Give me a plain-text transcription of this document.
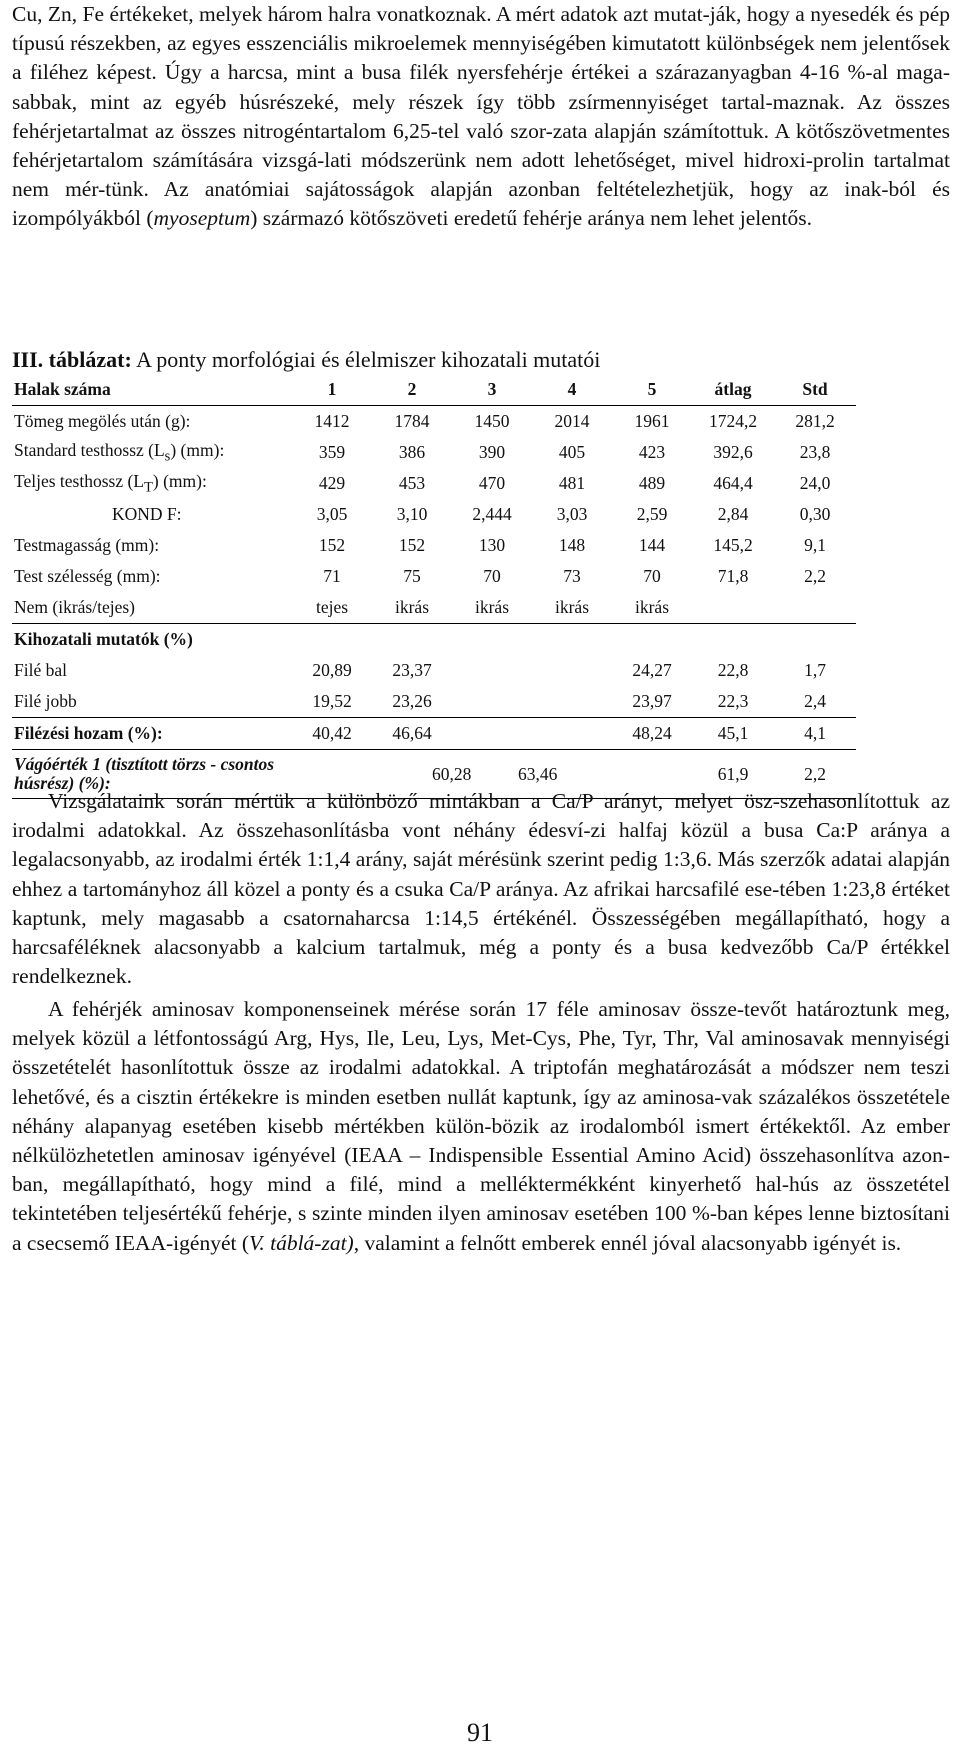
Cu, Zn, Fe értékeket, melyek három halra vonatkoznak. A mért adatok azt mutat-ják, hogy a nyesedék és pép típusú részekben, az egyes esszenciális mikroelemek mennyiségében kimutatott különbségek nem jelentősek a filéhez képest. Úgy a harcsa, mint a busa filék nyersfehérje értékei a szárazanyagban 4-16 %-al maga-sabbak, mint az egyéb húsrészeké, mely részek így több zsírmennyiséget tartal-maznak. Az összes fehérjetartalmat az összes nitrogéntartalom 6,25-tel való szor-zata alapján számítottuk. A kötőszövetmentes fehérjetartalom számítására vizsgá-lati módszerünk nem adott lehetőséget, mivel hidroxi-prolin tartalmat nem mér-tünk. Az anatómiai sajátosságok alapján azonban feltételezhetjük, hogy az inak-ból és izompólyákból (myoseptum) származó kötőszöveti eredetű fehérje aránya nem lehet jelentős.

III. táblázat: A ponty morfológiai és élelmiszer kihozatali mutatói

Halak száma	1	2	3	4	5	átlag	Std
Tömeg megölés után (g):	1412	1784	1450	2014	1961	1724,2	281,2
Standard testhossz $(L_s)$ (mm):	359	386	390	405	423	392,6	23,8
Teljes testhossz $(L_T)$ (mm):	429	453	470	481	489	464,4	24,0
KOND F:	3,05	3,10	2,444	3,03	2,59	2,84	0,30
Testmagasság (mm):	152	152	130	148	144	145,2	9,1
Test szélesség (mm):	71	75	70	73	70	71,8	2,2
Nem (ikrás/tejes)	tejes	ikrás	ikrás	ikrás	ikrás		
Kihozatali mutatók (%)							
Filé bal	20,89	23,37			24,27	22,8	1,7
Filé jobb	19,52	23,26			23,97	22,3	2,4
Filézési hozam (%):	40,42	46,64			48,24	45,1	4,1
Vágóérték 1 (tisztított törzs - csontos húsrész) (%):		60,28	63,46			61,9	2,2

Vizsgálataink során mértük a különböző mintákban a Ca/P arányt, melyet ösz-szehasonlítottuk az irodalmi adatokkal. Az összehasonlításba vont néhány édesví-zi halfaj közül a busa Ca:P aránya a legalacsonyabb, az irodalmi érték 1:1,4 arány, saját mérésünk szerint pedig 1:3,6. Más szerzők adatai alapján ehhez a tartományhoz áll közel a ponty és a csuka Ca/P aránya. Az afrikai harcsafilé ese-tében 1:23,8 értéket kaptunk, mely magasabb a csatornaharcsa 1:14,5 értékénél. Összességében megállapítható, hogy a harcsaféléknek alacsonyabb a kalcium tartalmuk, még a ponty és a busa kedvezőbb Ca/P értékkel rendelkeznek.

A fehérjék aminosav komponenseinek mérése során 17 féle aminosav össze-tevőt határoztunk meg, melyek közül a létfontosságú Arg, Hys, Ile, Leu, Lys, Met-Cys, Phe, Tyr, Thr, Val aminosavak mennyiségi összetételét hasonlítottuk össze az irodalmi adatokkal. A triptofán meghatározását a módszer nem teszi lehetővé, és a cisztin értékekre is minden esetben nullát kaptunk, így az aminosa-vak százalékos összetétele néhány alapanyag esetében kisebb mértékben külön-bözik az irodalomból ismert értékektől. Az ember nélkülözhetetlen aminosav igényével (IEAA – Indispensible Essential Amino Acid) összehasonlítva azon-ban, megállapítható, hogy mind a filé, mind a melléktermékként kinyerhető hal-hús az összetétel tekintetében teljesértékű fehérje, s szinte minden ilyen aminosav esetében 100 %-ban képes lenne biztosítani a csecsemő IEAA-igényét (V. táblá-zat), valamint a felnőtt emberek ennél jóval alacsonyabb igényét is.

91
